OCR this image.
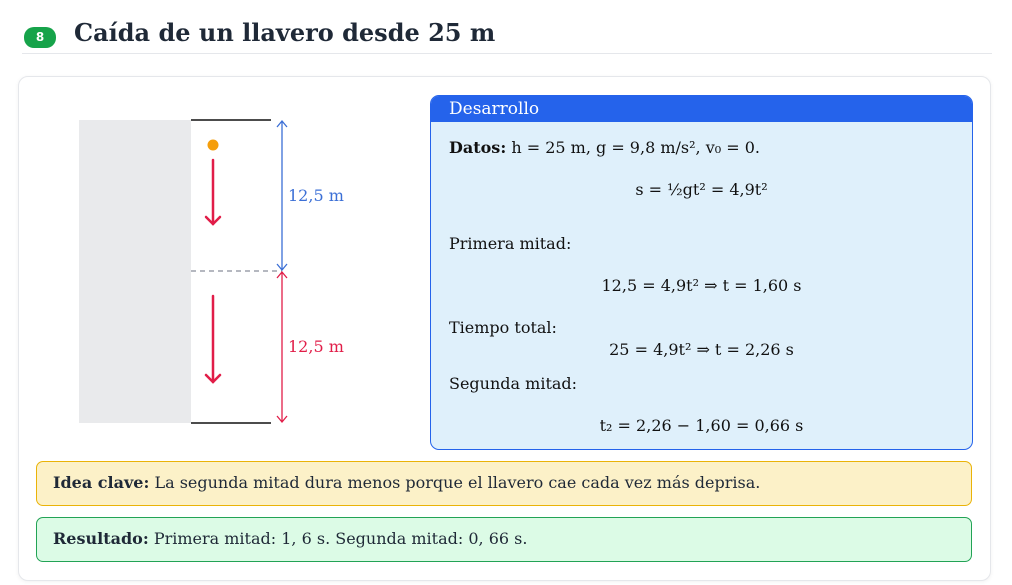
8	Caída de un llavero desde 25 m
12,5 m
12,5 m
Desarrollo
Datos: h = 25 m, g = 9,8 m/s², v₀ = 0.
s = ½gt² = 4,9t²
Primera mitad:
12,5 = 4,9t² ⇒ t = 1,60 s
Tiempo total:
25 = 4,9t² ⇒ t = 2,26 s
Segunda mitad:
t₂ = 2,26 − 1,60 = 0,66 s
Idea clave: La segunda mitad dura menos porque el llavero cae cada vez más deprisa.
Resultado: Primera mitad: 1, 6 s. Segunda mitad: 0, 66 s.
